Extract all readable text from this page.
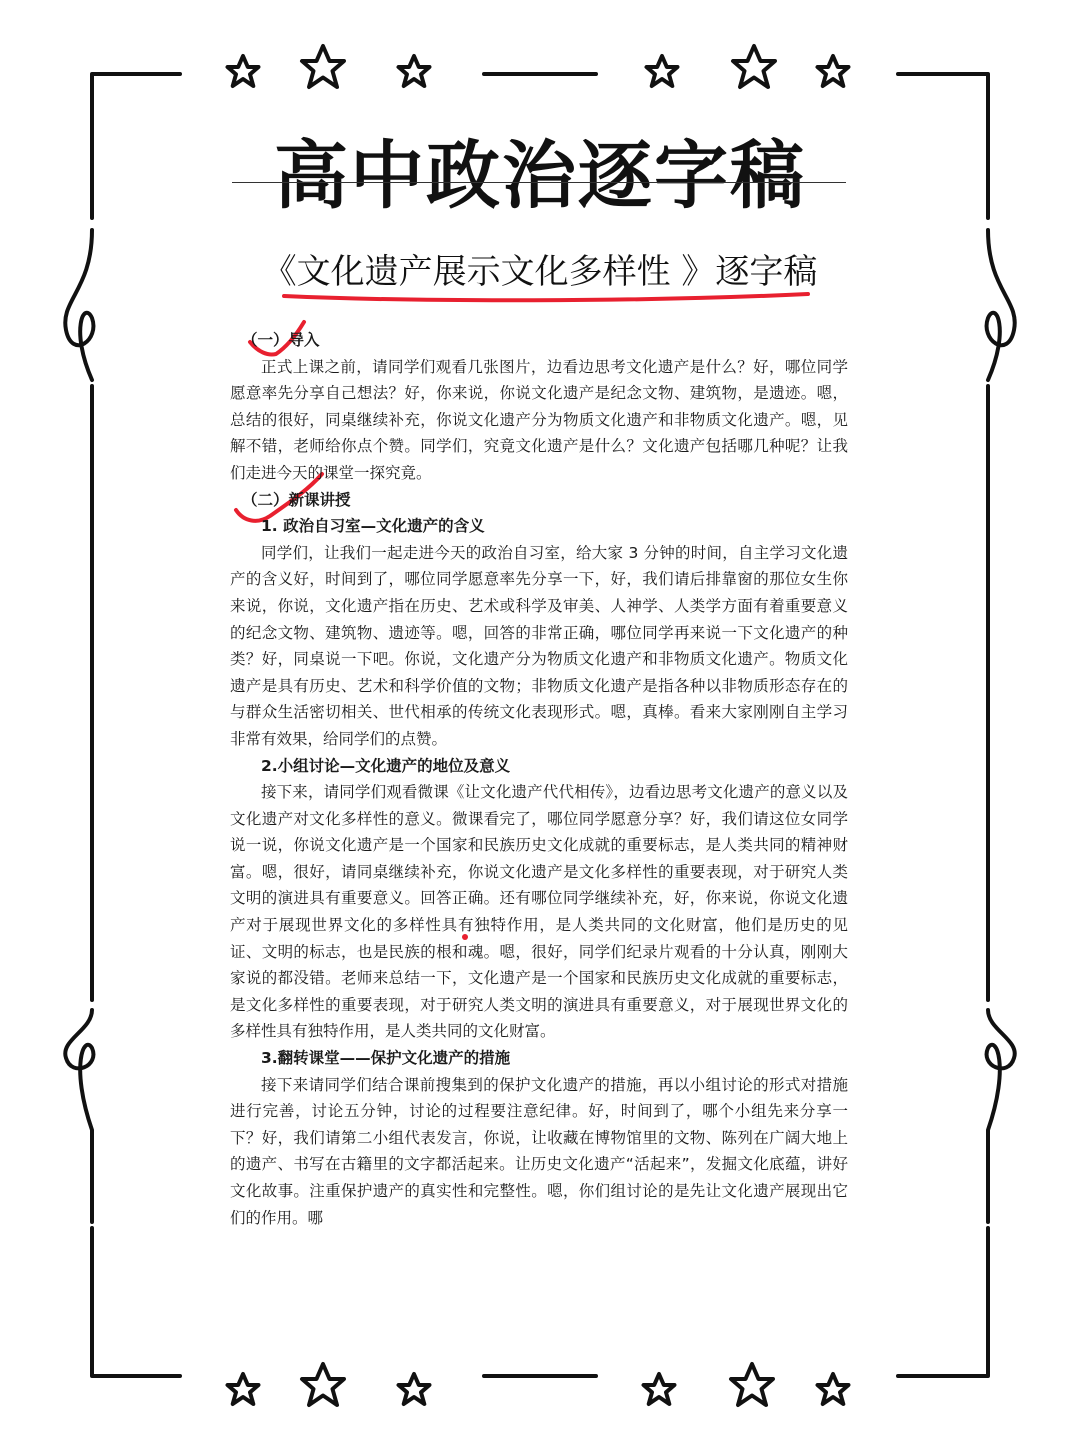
高中政治逐字稿
《文化遗产展示文化多样性 》逐字稿
（一）导入

正式上课之前，请同学们观看几张图片，边看边思考文化遗产是什么？好，哪位同学愿意率先分享自己想法？好，你来说，你说文化遗产是纪念文物、建筑物，是遗迹。嗯，总结的很好，同桌继续补充，你说文化遗产分为物质文化遗产和非物质文化遗产。嗯，见解不错，老师给你点个赞。同学们，究竟文化遗产是什么？文化遗产包括哪几种呢？让我们走进今天的课堂一探究竟。

（二）新课讲授
1. 政治自习室—文化遗产的含义

同学们，让我们一起走进今天的政治自习室，给大家 3 分钟的时间，自主学习文化遗产的含义好，时间到了，哪位同学愿意率先分享一下，好，我们请后排靠窗的那位女生你来说，你说，文化遗产指在历史、艺术或科学及审美、人神学、人类学方面有着重要意义的纪念文物、建筑物、遗迹等。嗯，回答的非常正确，哪位同学再来说一下文化遗产的种类？好，同桌说一下吧。你说，文化遗产分为物质文化遗产和非物质文化遗产。物质文化遗产是具有历史、艺术和科学价值的文物；非物质文化遗产是指各种以非物质形态存在的与群众生活密切相关、世代相承的传统文化表现形式。嗯，真棒。看来大家刚刚自主学习非常有效果，给同学们的点赞。

2.小组讨论—文化遗产的地位及意义

接下来，请同学们观看微课《让文化遗产代代相传》，边看边思考文化遗产的意义以及文化遗产对文化多样性的意义。微课看完了，哪位同学愿意分享？好，我们请这位女同学说一说，你说文化遗产是一个国家和民族历史文化成就的重要标志，是人类共同的精神财富。嗯，很好，请同桌继续补充，你说文化遗产是文化多样性的重要表现，对于研究人类文明的演进具有重要意义。回答正确。还有哪位同学继续补充，好，你来说，你说文化遗产对于展现世界文化的多样性具有独特作用，是人类共同的文化财富，他们是历史的见证、文明的标志，也是民族的根和魂。嗯，很好，同学们纪录片观看的十分认真，刚刚大家说的都没错。老师来总结一下，文化遗产是一个国家和民族历史文化成就的重要标志，是文化多样性的重要表现，对于研究人类文明的演进具有重要意义，对于展现世界文化的多样性具有独特作用，是人类共同的文化财富。

3.翻转课堂——保护文化遗产的措施

接下来请同学们结合课前搜集到的保护文化遗产的措施，再以小组讨论的形式对措施进行完善，讨论五分钟，讨论的过程要注意纪律。好，时间到了，哪个小组先来分享一下？好，我们请第二小组代表发言，你说，让收藏在博物馆里的文物、陈列在广阔大地上的遗产、书写在古籍里的文字都活起来。让历史文化遗产“活起来”，发掘文化底蕴，讲好文化故事。注重保护遗产的真实性和完整性。嗯，你们组讨论的是先让文化遗产展现出它们的作用。哪
